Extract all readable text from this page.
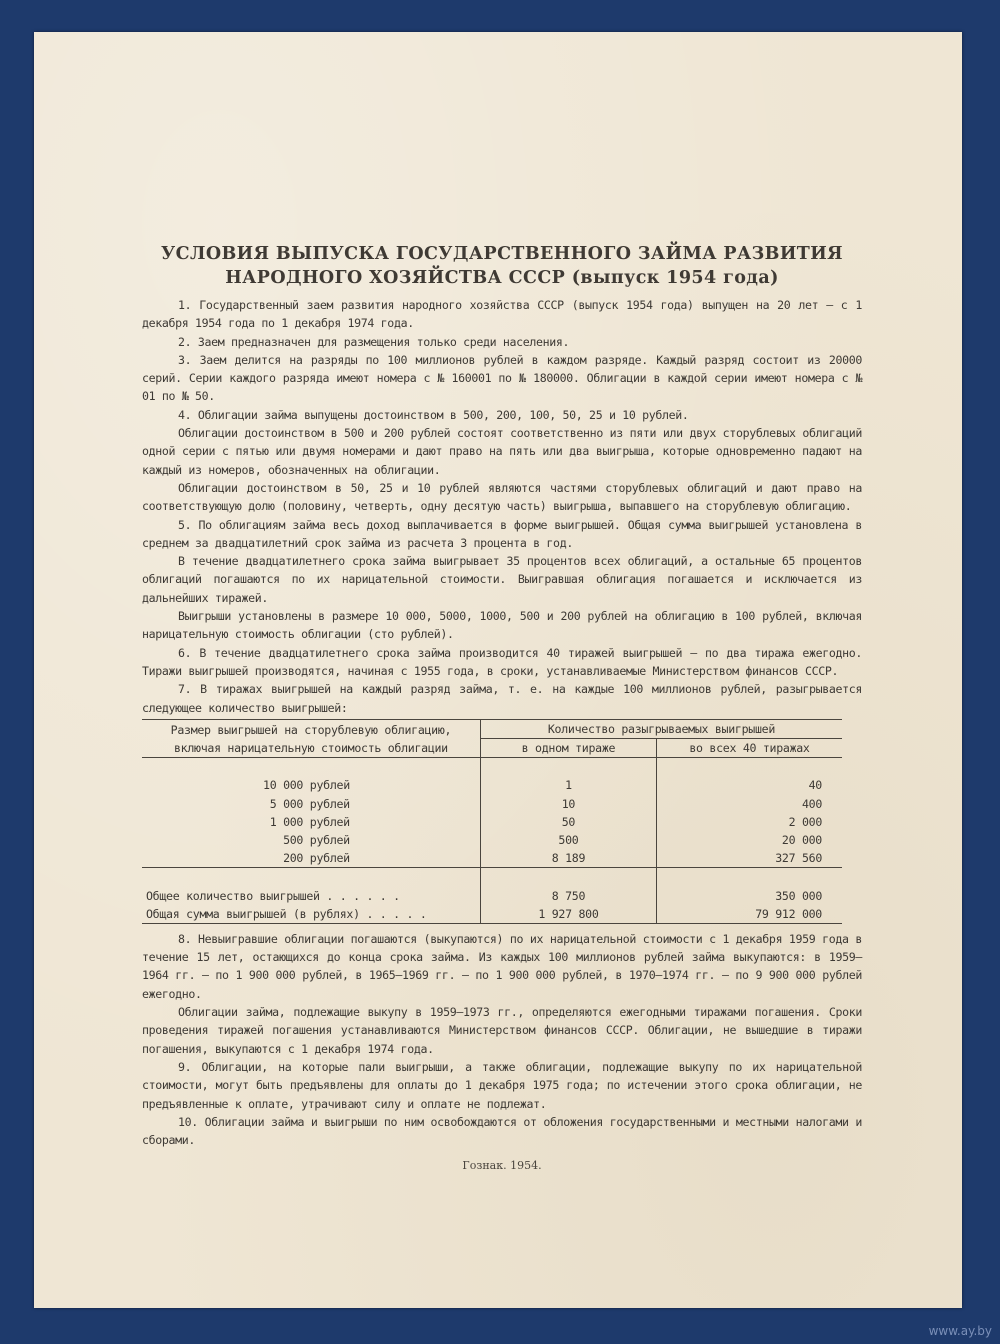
УСЛОВИЯ ВЫПУСКА ГОСУДАРСТВЕННОГО ЗАЙМА РАЗВИТИЯ
НАРОДНОГО ХОЗЯЙСТВА СССР (выпуск 1954 года)

1. Государственный заем развития народного хозяйства СССР (выпуск 1954 года) выпущен на 20 лет — с 1 декабря 1954 года по 1 декабря 1974 года.

2. Заем предназначен для размещения только среди населения.

3. Заем делится на разряды по 100 миллионов рублей в каждом разряде. Каждый разряд состоит из 20000 серий. Серии каждого разряда имеют номера с № 160001 по № 180000. Облигации в каждой серии имеют номера с № 01 по № 50.

4. Облигации займа выпущены достоинством в 500, 200, 100, 50, 25 и 10 рублей.

Облигации достоинством в 500 и 200 рублей состоят соответственно из пяти или двух сторублевых облигаций одной серии с пятью или двумя номерами и дают право на пять или два выигрыша, которые одновременно падают на каждый из номеров, обозначенных на облигации.

Облигации достоинством в 50, 25 и 10 рублей являются частями сторублевых облигаций и дают право на соответствующую долю (половину, четверть, одну десятую часть) выигрыша, выпавшего на сторублевую облигацию.

5. По облигациям займа весь доход выплачивается в форме выигрышей. Общая сумма выигрышей установлена в среднем за двадцатилетний срок займа из расчета 3 процента в год.

В течение двадцатилетнего срока займа выигрывает 35 процентов всех облигаций, а остальные 65 процентов облигаций погашаются по их нарицательной стоимости. Выигравшая облигация погашается и исключается из дальнейших тиражей.

Выигрыши установлены в размере 10 000, 5000, 1000, 500 и 200 рублей на облигацию в 100 рублей, включая нарицательную стоимость облигации (сто рублей).

6. В течение двадцатилетнего срока займа производится 40 тиражей выигрышей — по два тиража ежегодно. Тиражи выигрышей производятся, начиная с 1955 года, в сроки, устанавливаемые Министерством финансов СССР.

7. В тиражах выигрышей на каждый разряд займа, т. е. на каждые 100 миллионов рублей, разыгрывается следующее количество выигрышей:

Размер выигрышей на сторублевую облигацию, включая нарицательную стоимость облигации	Количество разыгрываемых выигрышей	
	в одном тираже	во всех 40 тиражах

10 000 рублей	1	40
5 000 рублей	10	400
1 000 рублей	50	2 000
500 рублей	500	20 000
200 рублей	8 189	327 560

Общее количество выигрышей . . . . . .	8 750	350 000
Общая сумма выигрышей (в рублях) . . . . .	1 927 800	79 912 000

8. Невыигравшие облигации погашаются (выкупаются) по их нарицательной стоимости с 1 декабря 1959 года в течение 15 лет, остающихся до конца срока займа. Из каждых 100 миллионов рублей займа выкупаются: в 1959—1964 гг. — по 1 900 000 рублей, в 1965—1969 гг. — по 1 900 000 рублей, в 1970—1974 гг. — по 9 900 000 рублей ежегодно.

Облигации займа, подлежащие выкупу в 1959—1973 гг., определяются ежегодными тиражами погашения. Сроки проведения тиражей погашения устанавливаются Министерством финансов СССР. Облигации, не вышедшие в тиражи погашения, выкупаются с 1 декабря 1974 года.

9. Облигации, на которые пали выигрыши, а также облигации, подлежащие выкупу по их нарицательной стоимости, могут быть предъявлены для оплаты до 1 декабря 1975 года; по истечении этого срока облигации, не предъявленные к оплате, утрачивают силу и оплате не подлежат.

10. Облигации займа и выигрыши по ним освобождаются от обложения государственными и местными налогами и сборами.

Гознак. 1954.
www.ay.by
